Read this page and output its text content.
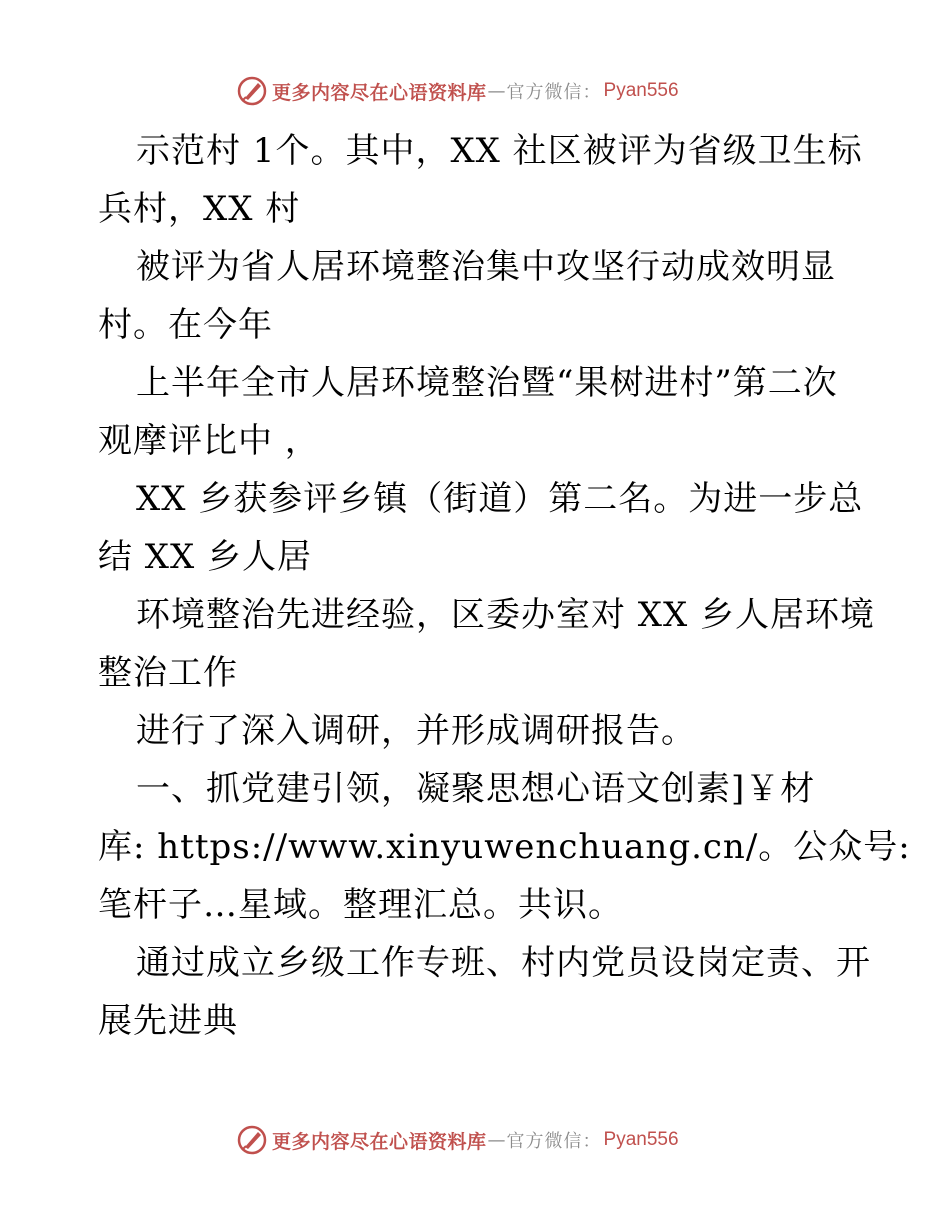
更多内容尽在心语资料库 — 官方微信： Pyan556
示范村 1个。其中，XX 社区被评为省级卫生标
兵村，XX 村
被评为省人居环境整治集中攻坚行动成效明显
村。在今年
上半年全市人居环境整治暨“果树进村”第二次
观摩评比中 ，
XX 乡获参评乡镇（街道）第二名。为进一步总
结 XX 乡人居
环境整治先进经验，区委办室对 XX 乡人居环境
整治工作
进行了深入调研，并形成调研报告。
一、抓党建引领，凝聚思想心语文创素]￥材
库: https://www.xinyuwenchuang.cn/。公众号:
笔杆子…星域。整理汇总。共识。
通过成立乡级工作专班、村内党员设岗定责、开
展先进典
更多内容尽在心语资料库 — 官方微信： Pyan556
